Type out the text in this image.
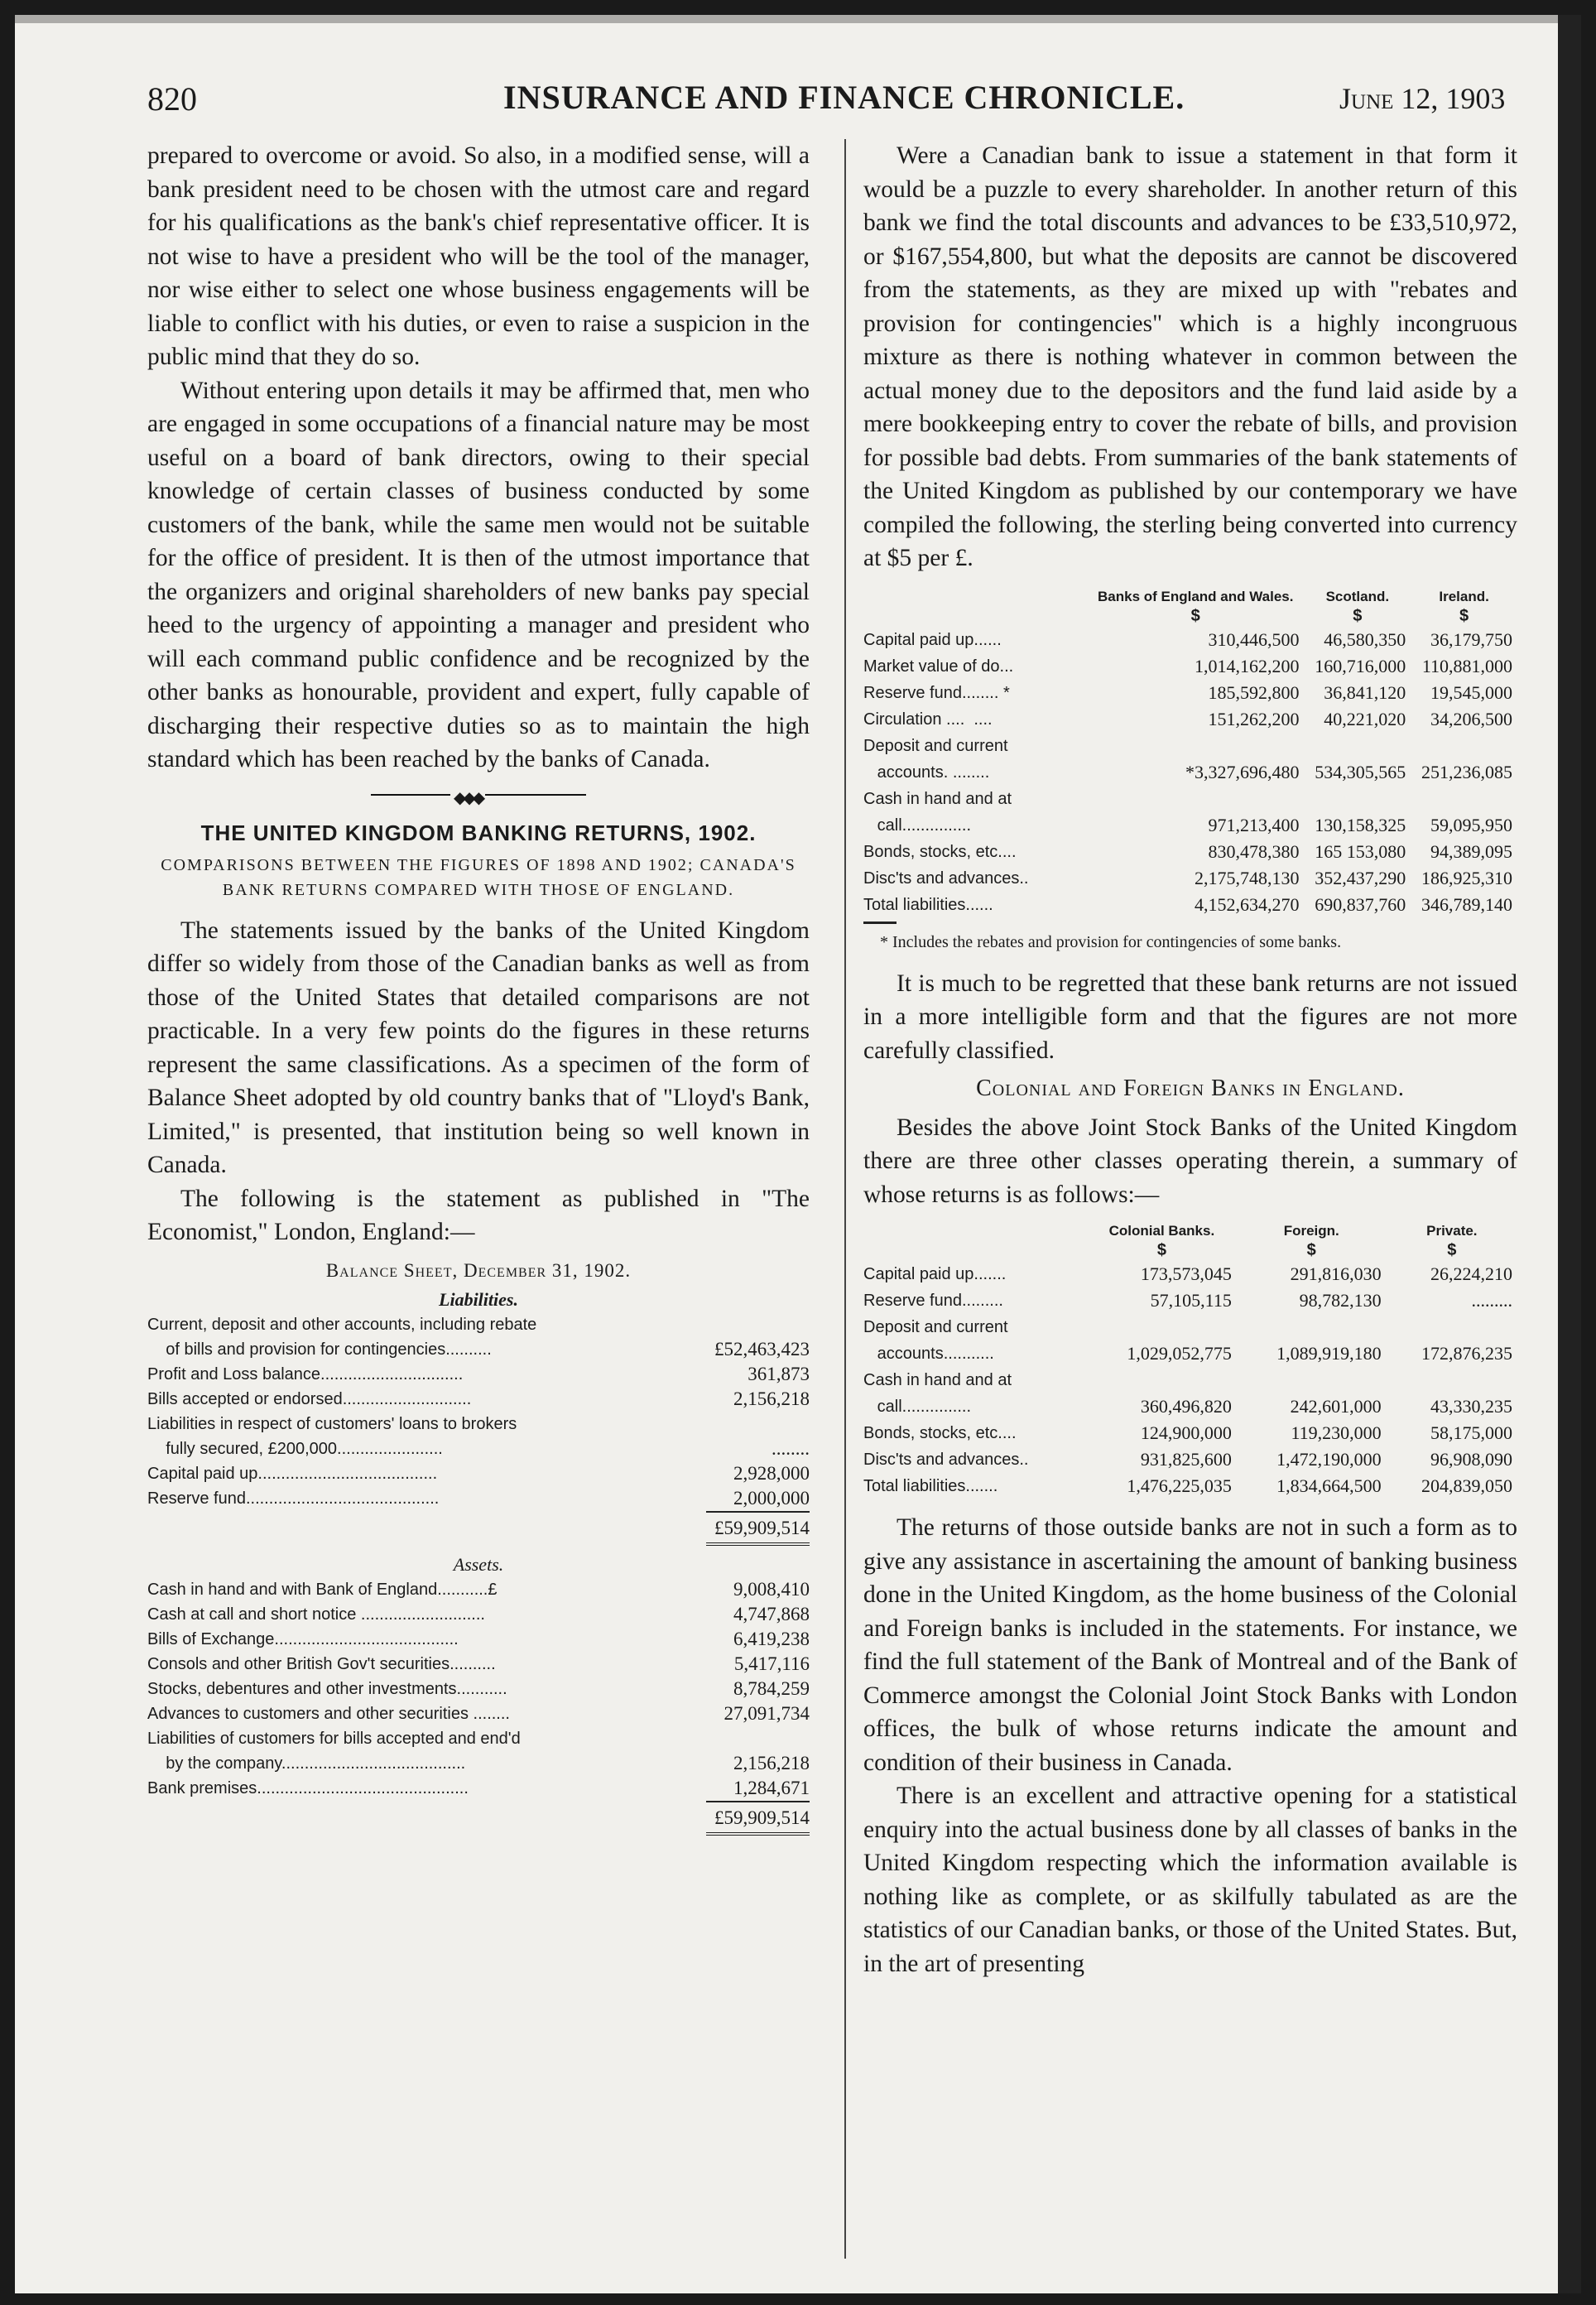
820	INSURANCE AND FINANCE CHRONICLE.	June 12, 1903

prepared to overcome or avoid. So also, in a modified sense, will a bank president need to be chosen with the utmost care and regard for his qualifications as the bank's chief representative officer. It is not wise to have a president who will be the tool of the manager, nor wise either to select one whose business engagements will be liable to conflict with his duties, or even to raise a suspicion in the public mind that they do so.

Without entering upon details it may be affirmed that, men who are engaged in some occupations of a financial nature may be most useful on a board of bank directors, owing to their special knowledge of certain classes of business conducted by some customers of the bank, while the same men would not be suitable for the office of president. It is then of the utmost importance that the organizers and original shareholders of new banks pay special heed to the urgency of appointing a manager and president who will each command public confidence and be recognized by the other banks as honourable, provident and expert, fully capable of discharging their respective duties so as to maintain the high standard which has been reached by the banks of Canada.

◆◆◆
THE UNITED KINGDOM BANKING RETURNS, 1902.
COMPARISONS BETWEEN THE FIGURES OF 1898 AND 1902; CANADA'S BANK RETURNS COMPARED WITH THOSE OF ENGLAND.

The statements issued by the banks of the United Kingdom differ so widely from those of the Canadian banks as well as from those of the United States that detailed comparisons are not practicable. In a very few points do the figures in these returns represent the same classifications. As a specimen of the form of Balance Sheet adopted by old country banks that of "Lloyd's Bank, Limited," is presented, that institution being so well known in Canada.

The following is the statement as published in "The Economist," London, England:—

Balance Sheet, December 31, 1902.
Liabilities.
Current, deposit and other accounts, including rebate
of bills and provision for contingencies..........	£52,463,423
Profit and Loss balance...............................	361,873
Bills accepted or endorsed............................	2,156,218
Liabilities in respect of customers' loans to brokers
fully secured, £200,000.......................	........
Capital paid up.......................................	2,928,000
Reserve fund..........................................	2,000,000
£59,909,514
Assets.
Cash in hand and with Bank of England...........£	9,008,410
Cash at call and short notice ...........................	4,747,868
Bills of Exchange........................................	6,419,238
Consols and other British Gov't securities..........	5,417,116
Stocks, debentures and other investments...........	8,784,259
Advances to customers and other securities ........	27,091,734
Liabilities of customers for bills accepted and end'd
by the company........................................	2,156,218
Bank premises..............................................	1,284,671
£59,909,514

Were a Canadian bank to issue a statement in that form it would be a puzzle to every shareholder. In another return of this bank we find the total discounts and advances to be £33,510,972, or $167,554,800, but what the deposits are cannot be discovered from the statements, as they are mixed up with "rebates and provision for contingencies" which is a highly incongruous mixture as there is nothing whatever in common between the actual money due to the depositors and the fund laid aside by a mere bookkeeping entry to cover the rebate of bills, and provision for possible bad debts. From summaries of the bank statements of the United Kingdom as published by our contemporary we have compiled the following, the sterling being converted into currency at $5 per £.

	Banks of England and Wales.	Scotland.	Ireland.
	$	$	$
Capital paid up......	310,446,500	46,580,350	36,179,750
Market value of do...	1,014,162,200	160,716,000	110,881,000
Reserve fund........ *	185,592,800	36,841,120	19,545,000
Circulation ....  ....	151,262,200	40,221,020	34,206,500
Deposit and current			
accounts. ........	*3,327,696,480	534,305,565	251,236,085
Cash in hand and at			
call...............	971,213,400	130,158,325	59,095,950
Bonds, stocks, etc....	830,478,380	165 153,080	94,389,095
Disc'ts and advances..	2,175,748,130	352,437,290	186,925,310
Total liabilities......	4,152,634,270	690,837,760	346,789,140
* Includes the rebates and provision for contingencies of some banks.

It is much to be regretted that these bank returns are not issued in a more intelligible form and that the figures are not more carefully classified.

Colonial and Foreign Banks in England.

Besides the above Joint Stock Banks of the United Kingdom there are three other classes operating therein, a summary of whose returns is as follows:—

	Colonial Banks.	Foreign.	Private.
	$	$	$
Capital paid up.......	173,573,045	291,816,030	26,224,210
Reserve fund.........	57,105,115	98,782,130	.........
Deposit and current			
accounts...........	1,029,052,775	1,089,919,180	172,876,235
Cash in hand and at			
call...............	360,496,820	242,601,000	43,330,235
Bonds, stocks, etc....	124,900,000	119,230,000	58,175,000
Disc'ts and advances..	931,825,600	1,472,190,000	96,908,090
Total liabilities.......	1,476,225,035	1,834,664,500	204,839,050

The returns of those outside banks are not in such a form as to give any assistance in ascertaining the amount of banking business done in the United Kingdom, as the home business of the Colonial and Foreign banks is included in the statements. For instance, we find the full statement of the Bank of Montreal and of the Bank of Commerce amongst the Colonial Joint Stock Banks with London offices, the bulk of whose returns indicate the amount and condition of their business in Canada.

There is an excellent and attractive opening for a statistical enquiry into the actual business done by all classes of banks in the United Kingdom respecting which the information available is nothing like as complete, or as skilfully tabulated as are the statistics of our Canadian banks, or those of the United States. But, in the art of presenting
